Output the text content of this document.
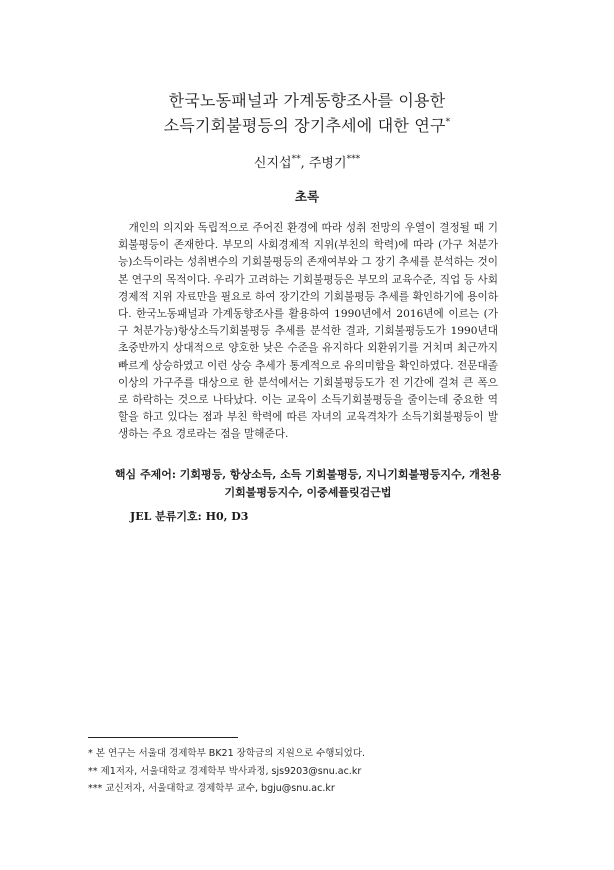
한국노동패널과 가계동향조사를 이용한
소득기회불평등의 장기추세에 대한 연구*
신지섭**, 주병기***
초록

개인의 의지와 독립적으로 주어진 환경에 따라 성취 전망의 우열이 결정될 때 기회불평등이 존재한다. 부모의 사회경제적 지위(부친의 학력)에 따라 (가구 처분가능)소득이라는 성취변수의 기회불평등의 존재여부와 그 장기 추세를 분석하는 것이 본 연구의 목적이다. 우리가 고려하는 기회불평등은 부모의 교육수준, 직업 등 사회경제적 지위 자료만을 필요로 하여 장기간의 기회불평등 추세를 확인하기에 용이하다. 한국노동패널과 가계동향조사를 활용하여 1990년에서 2016년에 이르는 (가구 처분가능)항상소득기회불평등 추세를 분석한 결과, 기회불평등도가 1990년대 초중반까지 상대적으로 양호한 낮은 수준을 유지하다 외환위기를 거치며 최근까지 빠르게 상승하였고 이런 상승 추세가 통계적으로 유의미함을 확인하였다. 전문대졸 이상의 가구주를 대상으로 한 분석에서는 기회불평등도가 전 기간에 걸쳐 큰 폭으로 하락하는 것으로 나타났다. 이는 교육이 소득기회불평등을 줄이는데 중요한 역할을 하고 있다는 점과 부친 학력에 따른 자녀의 교육격차가 소득기회불평등이 발생하는 주요 경로라는 점을 말해준다.

핵심 주제어: 기회평등, 항상소득, 소득 기회불평등, 지니기회불평등지수, 개천용 기회불평등지수, 이중셰플릿검근법
JEL 분류기호: H0, D3
* 본 연구는 서울대 경제학부 BK21 장학금의 지원으로 수행되었다.
** 제1저자, 서울대학교 경제학부 박사과정, sjs9203@snu.ac.kr
*** 교신저자, 서울대학교 경제학부 교수, bgju@snu.ac.kr
